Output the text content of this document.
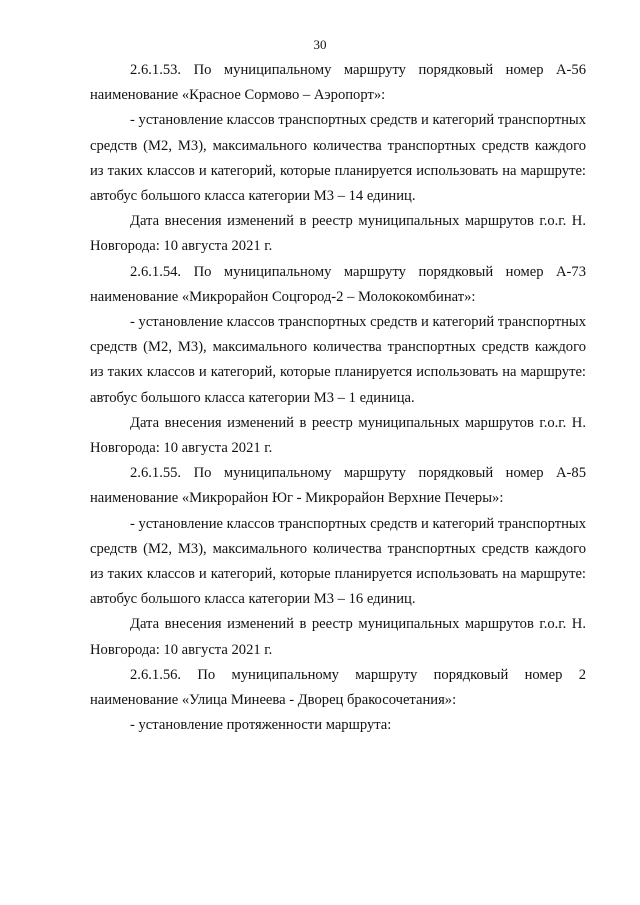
30

2.6.1.53. По муниципальному маршруту порядковый номер А-56 наименование «Красное Сормово – Аэропорт»:

- установление классов транспортных средств и категорий транспортных средств (М2, М3), максимального количества транспортных средств каждого из таких классов и категорий, которые планируется использовать на маршруте: автобус большого класса категории М3 – 14 единиц.

Дата внесения изменений в реестр муниципальных маршрутов г.о.г. Н. Новгорода: 10 августа 2021 г.

2.6.1.54. По муниципальному маршруту порядковый номер А-73 наименование «Микрорайон Соцгород-2 – Молококомбинат»:

- установление классов транспортных средств и категорий транспортных средств (М2, М3), максимального количества транспортных средств каждого из таких классов и категорий, которые планируется использовать на маршруте: автобус большого класса категории М3 – 1 единица.

Дата внесения изменений в реестр муниципальных маршрутов г.о.г. Н. Новгорода: 10 августа 2021 г.

2.6.1.55. По муниципальному маршруту порядковый номер А-85 наименование «Микрорайон Юг - Микрорайон Верхние Печеры»:

- установление классов транспортных средств и категорий транспортных средств (М2, М3), максимального количества транспортных средств каждого из таких классов и категорий, которые планируется использовать на маршруте: автобус большого класса категории М3 – 16 единиц.

Дата внесения изменений в реестр муниципальных маршрутов г.о.г. Н. Новгорода: 10 августа 2021 г.

2.6.1.56. По муниципальному маршруту порядковый номер 2 наименование «Улица Минеева - Дворец бракосочетания»:

- установление протяженности маршрута:
